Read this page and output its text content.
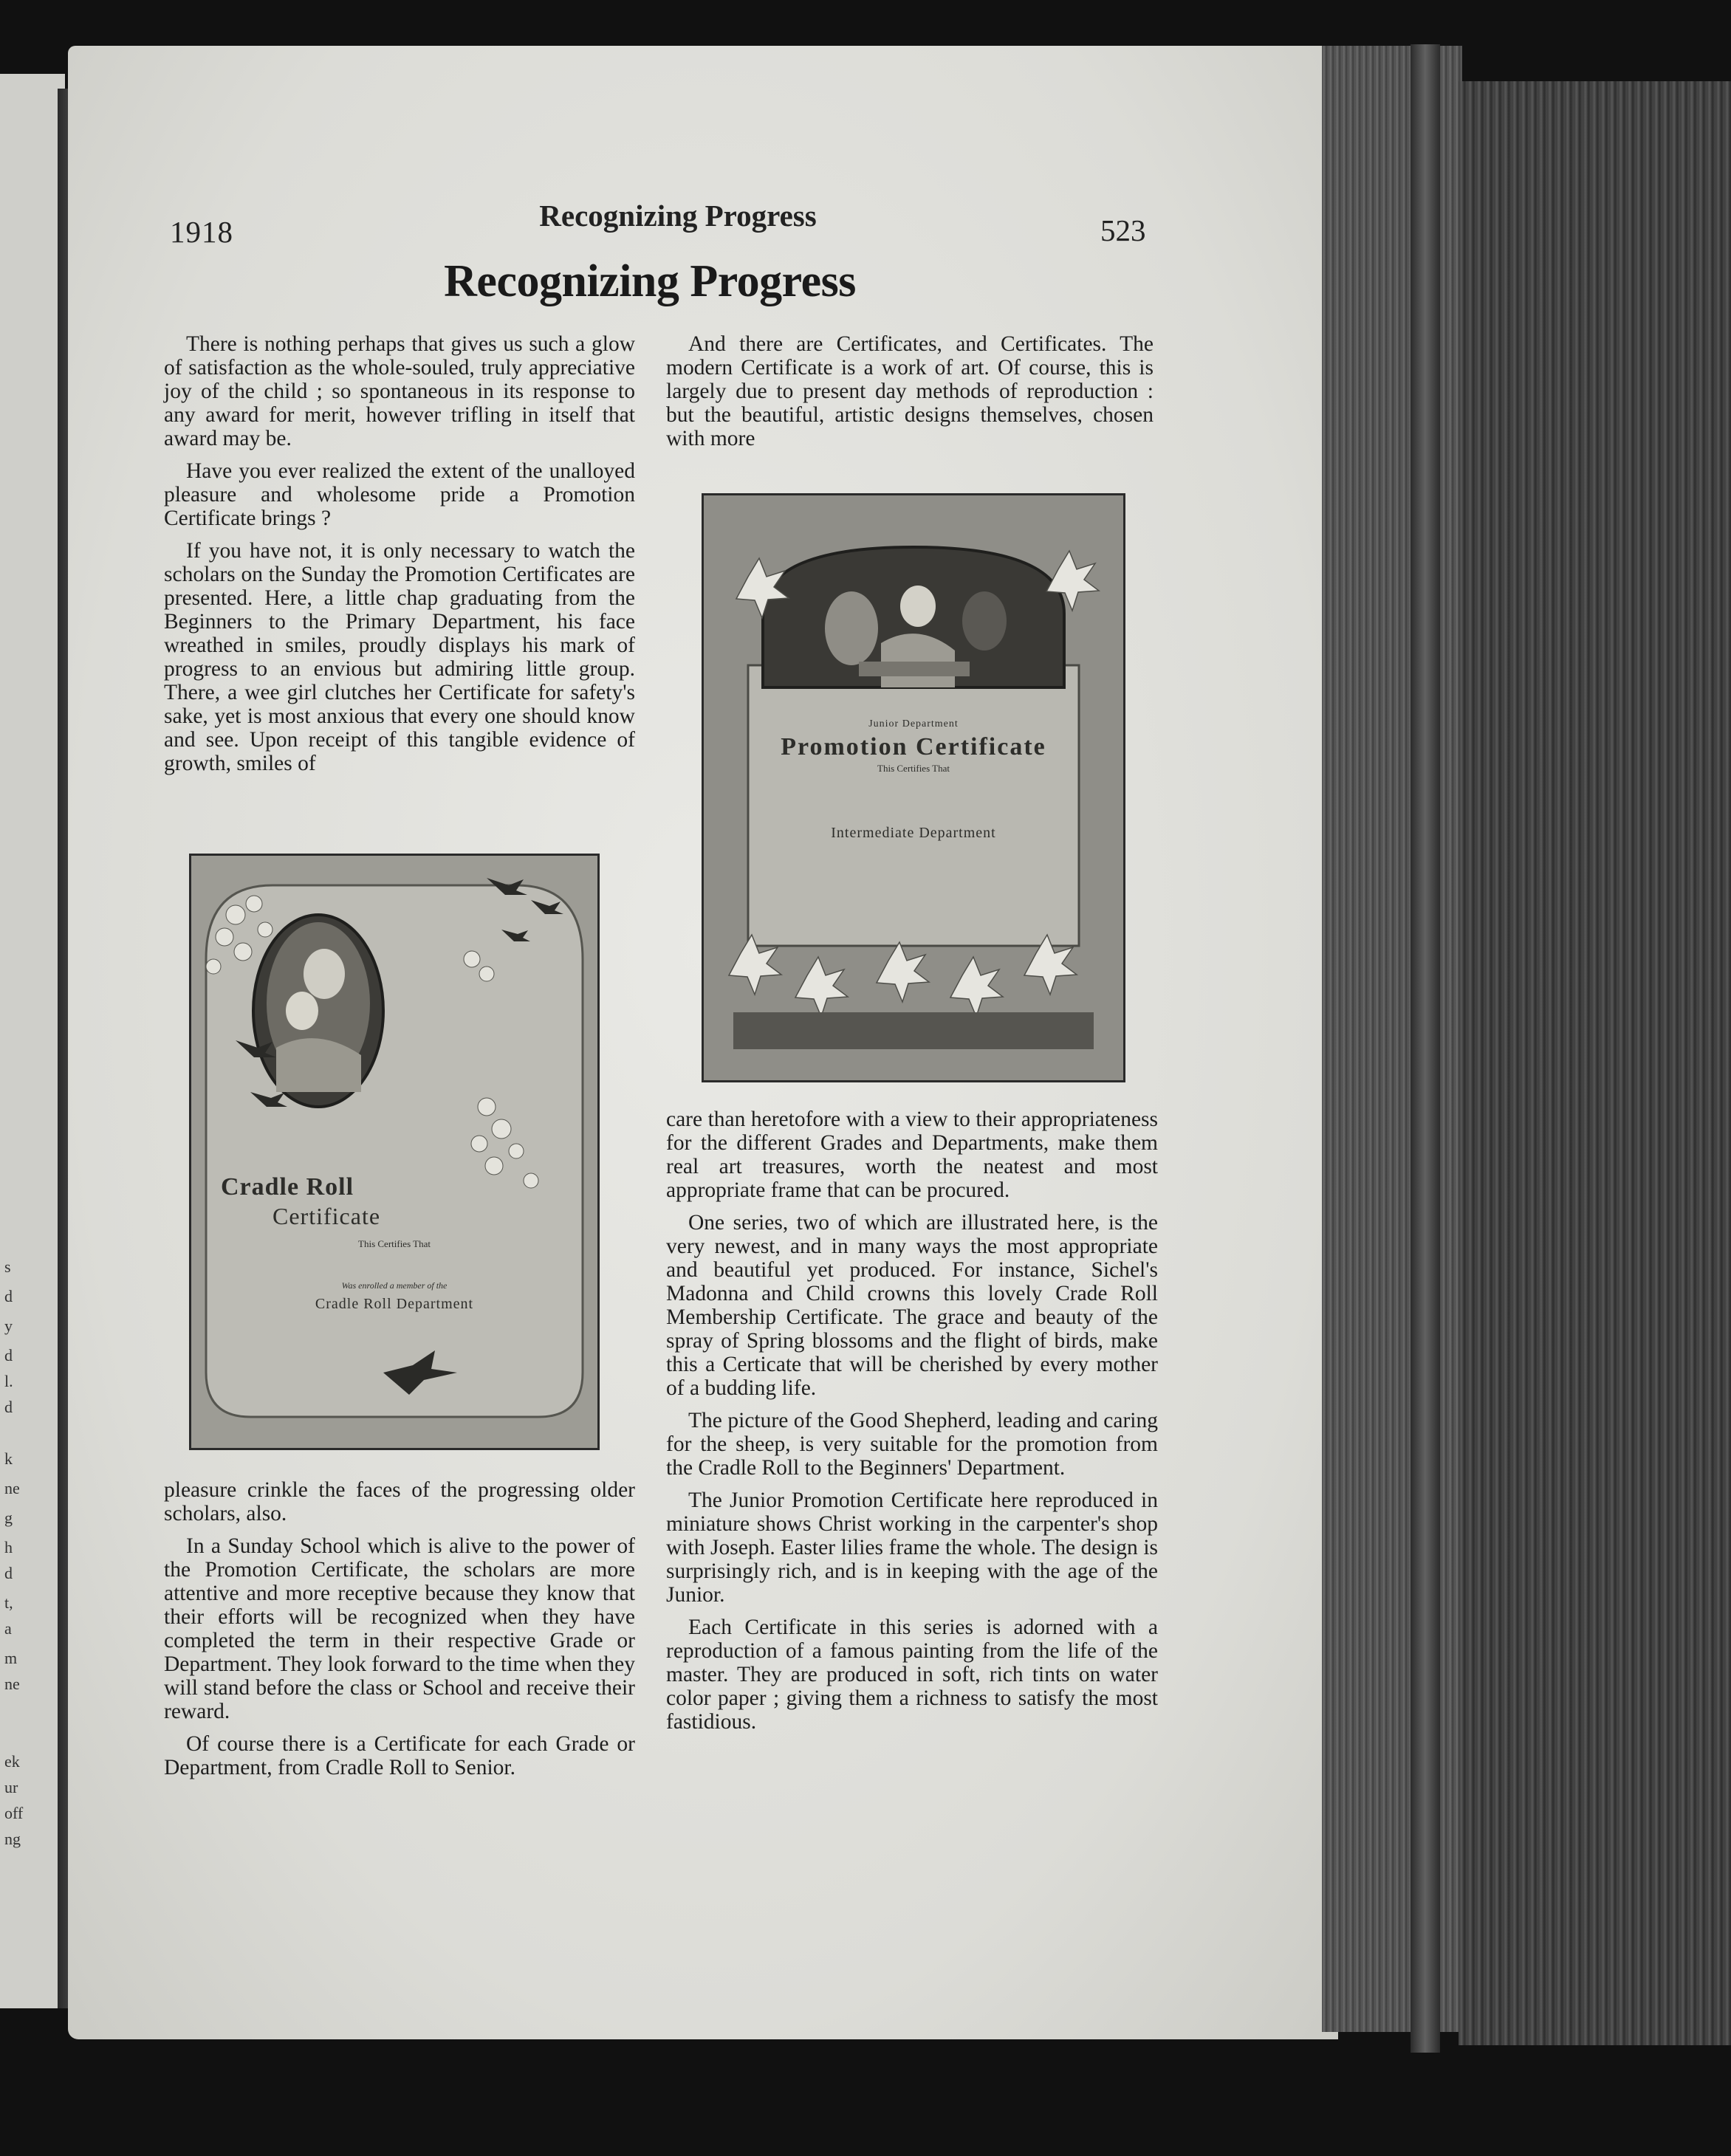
s
d
y
d
l.
d
k
ne
g
h
d
t,
a
m
ne
ek
ur
off
ng
1918	Recognizing Progress	523
Recognizing Progress

There is nothing perhaps that gives us such a glow of satisfaction as the whole-souled, truly appreciative joy of the child ; so spontaneous in its response to any award for merit, however trifling in itself that award may be.

Have you ever realized the extent of the unalloyed pleasure and wholesome pride a Promotion Certificate brings ?

If you have not, it is only necessary to watch the scholars on the Sunday the Promotion Certificates are presented. Here, a little chap graduating from the Beginners to the Primary Department, his face wreathed in smiles, proudly displays his mark of progress to an envious but admiring little group. There, a wee girl clutches her Certificate for safety's sake, yet is most anxious that every one should know and see. Upon receipt of this tangible evidence of growth, smiles of

Cradle Roll
Certificate
This Certifies That
Was enrolled a member of the
Cradle Roll Department

pleasure crinkle the faces of the progressing older scholars, also.

In a Sunday School which is alive to the power of the Promotion Certificate, the scholars are more attentive and more receptive because they know that their efforts will be recognized when they have completed the term in their respective Grade or Department. They look forward to the time when they will stand before the class or School and receive their reward.

Of course there is a Certificate for each Grade or Department, from Cradle Roll to Senior.

And there are Certificates, and Certificates. The modern Certificate is a work of art. Of course, this is largely due to present day methods of reproduction : but the beautiful, artistic designs themselves, chosen with more

Junior Department
Promotion Certificate
This Certifies That
Intermediate Department

care than heretofore with a view to their appropriateness for the different Grades and Departments, make them real art treasures, worth the neatest and most appropriate frame that can be procured.

One series, two of which are illustrated here, is the very newest, and in many ways the most appropriate and beautiful yet produced. For instance, Sichel's Madonna and Child crowns this lovely Crade Roll Membership Certificate. The grace and beauty of the spray of Spring blossoms and the flight of birds, make this a Certicate that will be cherished by every mother of a budding life.

The picture of the Good Shepherd, leading and caring for the sheep, is very suitable for the promotion from the Cradle Roll to the Beginners' Department.

The Junior Promotion Certificate here reproduced in miniature shows Christ working in the carpenter's shop with Joseph. Easter lilies frame the whole. The design is surprisingly rich, and is in keeping with the age of the Junior.

Each Certificate in this series is adorned with a reproduction of a famous painting from the life of the master. They are produced in soft, rich tints on water color paper ; giving them a richness to satisfy the most fastidious.
